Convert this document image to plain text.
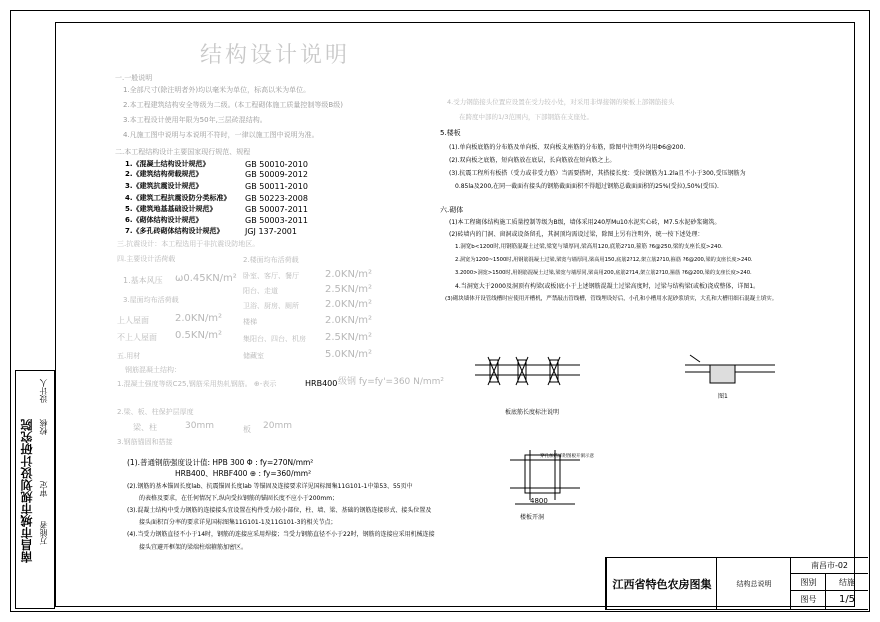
南昌市城市规划设计研究院
设计人
校核
审定
万能者
结构设计说明
一.一般说明
1.全部尺寸(除注明者外)均以毫米为单位，标高以米为单位。
2.本工程建筑结构安全等级为二级。(本工程砌体施工质量控制等级B级)
3.本工程设计使用年限为50年,三层砖混结构。
4.凡施工图中说明与本说明不符时，一律以施工图中说明为准。
二.本工程结构设计主要国家现行规范、规程
1.《混凝土结构设计规范》	GB 50010-2010
2.《建筑结构荷载规范》	GB 50009-2012
3.《建筑抗震设计规范》	GB 50011-2010
4.《建筑工程抗震设防分类标准》 GB 50223-2008
5.《建筑地基基础设计规范》	GB 50007-2011
6.《砌体结构设计规范》	GB 50003-2011
7.《多孔砖砌体结构设计规范》	JGJ 137-2001
三.抗震设计：本工程选用于非抗震设防地区。
四.主要设计活荷载
1.基本风压 ω0.45KN/m²
3.屋面均布活荷载
上人屋面	2.0KN/m²
不上人屋面 0.5KN/m²
2.楼面均布活荷载
卧室、客厅、餐厅	2.0KN/m²
阳台、走道	2.5KN/m²
卫浴、厨房、厕所	2.0KN/m²
楼梯	2.0KN/m²
集阳台、四台、机房 2.5KN/m²
储藏室	5.0KN/m²
五.用材
钢筋混凝土结构：
1.混凝土强度等级C25,钢筋采用热轧钢筋。 ⊕-表示	HRB400 级钢 fy=fy'=360 N/mm²
2.梁、板、柱保护层厚度
梁、柱	30mm	板 20mm
3.钢筋锚固和搭接
(1).普通钢筋强度设计值: HPB 300 Φ : fy=270N/mm²
HRB400、HRBF400 ⊕ : fy=360/mm²
(2).钢筋的基本锚固长度lab、抗震锚固长度lab 等锚固及连接要求详见国标图集11G101-1中第53、55页中
的表格及要求，在任何情况下,纵向受拉钢筋的锚固长度不应小于200mm；
(3).混凝土结构中受力钢筋的连接接头宜设置在构件受力较小部位，柱、墙、梁、基础的钢筋连接形式、接头位置及
接头面积百分率的要求详见国标图集11G101-1及11G101-3的相关节点；
(4).当受力钢筋直径不小于14时，钢筋的连接应采用焊接；当受力钢筋直径不小于22时，钢筋的连接应采用机械连接
接头宜避开框架的梁端柱端箍筋加密区。
4.受力钢筋接头位置应设置在受力较小处，对采用非焊接钢的梁板上部钢筋接头
在跨度中部的1/3范围内，下部钢筋在支座处。
5.楼板
(1).单向板底筋的分布筋及单向板、双向板支座筋的分布筋，除图中注明外均用Φ6@200.
(2).双向板之底筋，短向筋放在底层，长向筋放在短向筋之上。
(3).抗震工程所有板搭（受力或非受力筋）当需要搭时，其搭接长度：受拉钢筋为1.2la且不小于300,受压钢筋为
0.85la及200,在同一截面有接头的钢筋截面面积不得超过钢筋总截面面积的25%(受拉),50%(受压).
六.砌体
(1)本工程砌体结构施工质量控制等级为B级，墙体采用240厚Mu10水泥实心砖，M7.5水泥砂浆砌筑。
(2)砖墙内的门洞、窗洞或设备留孔，其洞顶均需设过梁，除图上另有注明外，统一按下述处理：
1.洞宽b<1200时,用钢筋混凝土过梁,梁宽与墙厚同,梁高用120,底筋2?10,箍筋 ?6@250,梁的支座长度>240.
2.洞宽为1200~1500时,用钢筋混凝土过梁,梁宽与墙厚同,梁高用150,底筋2?12,架立筋2?10,箍筋 ?6@200,梁的支座长度>240.
3.2000>洞宽>1500时,用钢筋混凝土过梁,梁宽与墙厚同,梁高用200,底筋2?14,架立筋2?10,箍筋 ?6@200,梁的支座长度>240.
4.当洞宽大于2000及洞顶有构梁(或板)底小于上述钢筋混凝土过梁高度时，过梁与结构梁(或板)浇成整体，详图1。
(3)砌块墙体开设管线槽时应使用开槽机，严禁敲击管线槽，管线埋设好后，小孔和小槽用水泥砂浆填实，大孔和大槽用细石混凝土填实。
板底筋长度标注说明
图1
穿孔加筋详附图板开洞示意
4800
楼板开洞
江西省特色农房图集	结构总说明
南昌市-02
图别	结施
图号	1/5
